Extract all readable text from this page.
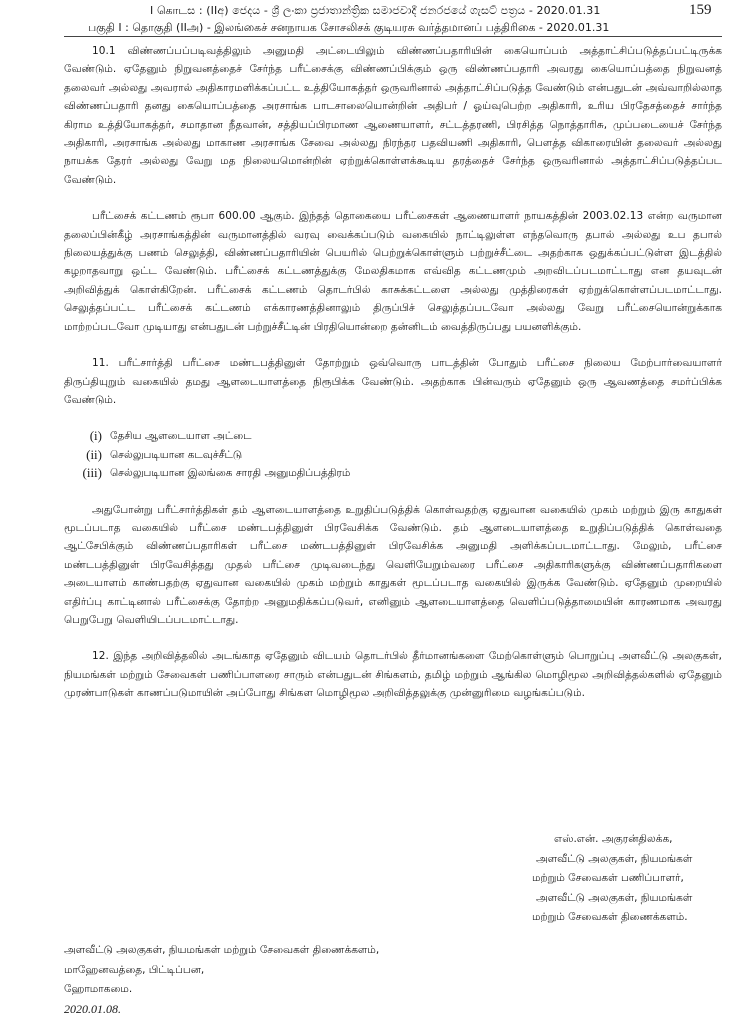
I கொடස : (IIඅ) ජෙදය - ශ්‍රී ලංකා ප්‍රජාතාන්ත්‍රික සමාජවාදී ජනරජයේ ගැසට් පත්‍රය - 2020.01.31
பகுதி I : தொகுதி (IIஅ) - இலங்கைச் சனநாயக சோசலிசக் குடியரசு வர்த்தமானப் பத்திரிகை - 2020.01.31
159

10.1 விண்ணப்பப்படிவத்திலும் அனுமதி அட்டையிலும் விண்ணப்பதாரியின் கையொப்பம் அத்தாட்சிப்படுத்தப்பட்டிருக்க வேண்டும். ஏதேனும் நிறுவனத்தைச் சேர்ந்த பரீட்சைக்கு விண்ணப்பிக்கும் ஒரு விண்ணப்பதாரி அவரது கையொப்பத்தை நிறுவனத் தலைவர் அல்லது அவரால் அதிகாரமளிக்கப்பட்ட உத்தியோகத்தர் ஒருவரினால் அத்தாட்சிப்படுத்த வேண்டும் என்பதுடன் அவ்வாறில்லாத விண்ணப்பதாரி தனது கையொப்பத்தை அரசாங்க பாடசாலையொன்றின் அதிபர் / ஓய்வுபெற்ற அதிகாரி, உரிய பிரதேசத்தைச் சார்ந்த கிராம உத்தியோகத்தர், சமாதான நீதவான், சத்தியப்பிரமாண ஆணையாளர், சட்டத்தரணி, பிரசித்த நொத்தாரிசு, முப்படையைச் சேர்ந்த அதிகாரி, அரசாங்க அல்லது மாகாண அரசாங்க சேவை அல்லது நிரந்தர பதவியணி அதிகாரி, பௌத்த விகாரையின் தலைவர் அல்லது நாயக்க தேரர் அல்லது வேறு மத நிலையமொன்றின் ஏற்றுக்கொள்ளக்கூடிய தரத்தைச் சேர்ந்த ஒருவரினால் அத்தாட்சிப்படுத்தப்பட வேண்டும்.

பரீட்சைக் கட்டணம் ரூபா 600.00 ஆகும். இந்தத் தொகையை பரீட்சைகள் ஆணையாளர் நாயகத்தின் 2003.02.13 என்ற வருமான தலைப்பின்கீழ் அரசாங்கத்தின் வருமானத்தில் வரவு வைக்கப்படும் வகையில் நாட்டிலுள்ள எந்தவொரு தபால் அல்லது உப தபால் நிலையத்துக்கு பணம் செலுத்தி, விண்ணப்பதாரியின் பெயரில் பெற்றுக்கொள்ளும் பற்றுச்சீட்டை அதற்காக ஒதுக்கப்பட்டுள்ள இடத்தில் கழறாதவாறு ஒட்ட வேண்டும். பரீட்சைக் கட்டணத்துக்கு மேலதிகமாக எவ்வித கட்டணமும் அறவிடப்படமாட்டாது என தயவுடன் அறிவித்துக் கொள்கிறேன். பரீட்சைக் கட்டணம் தொடர்பில் காசுக்கட்டளை அல்லது முத்திரைகள் ஏற்றுக்கொள்ளப்படமாட்டாது. செலுத்தப்பட்ட பரீட்சைக் கட்டணம் எக்காரணத்தினாலும் திருப்பிச் செலுத்தப்படவோ அல்லது வேறு பரீட்சையொன்றுக்காக மாற்றப்படவோ முடியாது என்பதுடன் பற்றுச்சீட்டின் பிரதியொன்றை தன்னிடம் வைத்திருப்பது பயனளிக்கும்.

11. பரீட்சார்த்தி பரீட்சை மண்டபத்தினுள் தோற்றும் ஒவ்வொரு பாடத்தின் போதும் பரீட்சை நிலைய மேற்பார்வையாளர் திருப்தியுறும் வகையில் தமது ஆளடையாளத்தை நிரூபிக்க வேண்டும். அதற்காக பின்வரும் ஏதேனும் ஒரு ஆவணத்தை சமர்ப்பிக்க வேண்டும்.

(i) தேசிய ஆளடையாள அட்டை
(ii) செல்லுபடியான கடவுச்சீட்டு
(iii) செல்லுபடியான இலங்கை சாரதி அனுமதிப்பத்திரம்

அதுபோன்று பரீட்சார்த்திகள் தம் ஆளடையாளத்தை உறுதிப்படுத்திக் கொள்வதற்கு ஏதுவான வகையில் முகம் மற்றும் இரு காதுகள் மூடப்படாத வகையில் பரீட்சை மண்டபத்தினுள் பிரவேசிக்க வேண்டும். தம் ஆளடையாளத்தை உறுதிப்படுத்திக் கொள்வதை ஆட்சேபிக்கும் விண்ணப்பதாரிகள் பரீட்சை மண்டபத்தினுள் பிரவேசிக்க அனுமதி அளிக்கப்படமாட்டாது. மேலும், பரீட்சை மண்டபத்தினுள் பிரவேசித்தது முதல் பரீட்சை முடிவடைந்து வெளியேறும்வரை பரீட்சை அதிகாரிகளுக்கு விண்ணப்பதாரிகளை அடையாளம் காண்பதற்கு ஏதுவான வகையில் முகம் மற்றும் காதுகள் மூடப்படாத வகையில் இருக்க வேண்டும். ஏதேனும் முறையில் எதிர்ப்பு காட்டினால் பரீட்சைக்கு தோற்ற அனுமதிக்கப்படுவர், எனினும் ஆளடையாளத்தை வெளிப்படுத்தாமையின் காரணமாக அவரது பெறுபேறு வெளியிடப்படமாட்டாது.

12. இந்த அறிவித்தலில் அடங்காத ஏதேனும் விடயம் தொடர்பில் தீர்மானங்களை மேற்கொள்ளும் பொறுப்பு அளவீட்டு அலகுகள், நியமங்கள் மற்றும் சேவைகள் பணிப்பாளரை சாரும் என்பதுடன் சிங்களம், தமிழ் மற்றும் ஆங்கில மொழிமூல அறிவித்தல்களில் ஏதேனும் முரண்பாடுகள் காணப்படுமாயின் அப்போது சிங்கள மொழிமூல அறிவித்தலுக்கு முன்னுரிமை வழங்கப்படும்.

எஸ்.என். அகுரன்திலக்க,
அளவீட்டு அலகுகள், நியமங்கள்
மற்றும் சேவைகள் பணிப்பாளர்,
அளவீட்டு அலகுகள், நியமங்கள்
மற்றும் சேவைகள் திணைக்களம்.
அளவீட்டு அலகுகள், நியமங்கள் மற்றும் சேவைகள் திணைக்களம்,
மாஹேனவத்தை, பிட்டிப்பன,
ஹோமாகமை.
2020.01.08.
